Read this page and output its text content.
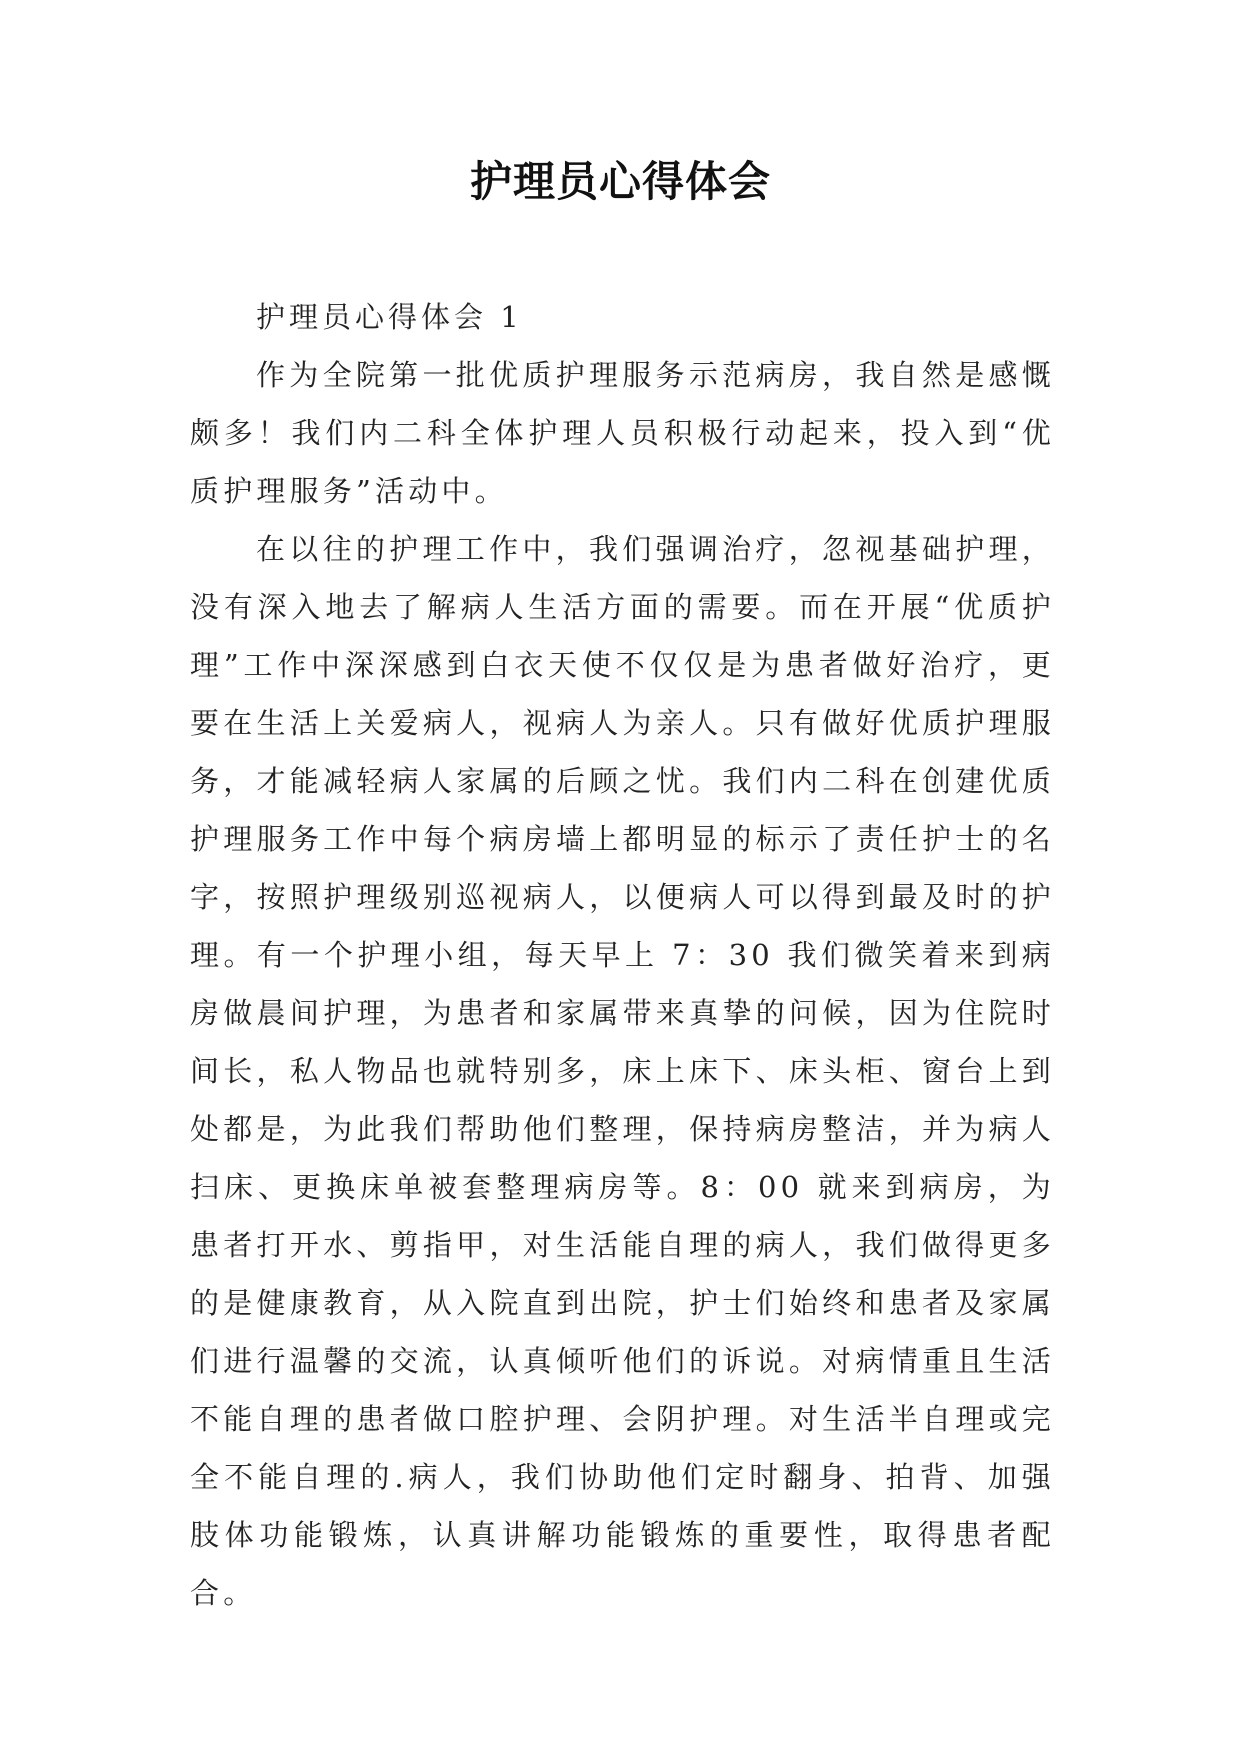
护理员心得体会

护理员心得体会 1

作为全院第一批优质护理服务示范病房，我自然是感慨颇多！我们内二科全体护理人员积极行动起来，投入到“优质护理服务”活动中。

在以往的护理工作中，我们强调治疗，忽视基础护理，没有深入地去了解病人生活方面的需要。而在开展“优质护理”工作中深深感到白衣天使不仅仅是为患者做好治疗，更要在生活上关爱病人，视病人为亲人。只有做好优质护理服务，才能减轻病人家属的后顾之忧。我们内二科在创建优质护理服务工作中每个病房墙上都明显的标示了责任护士的名字，按照护理级别巡视病人，以便病人可以得到最及时的护理。有一个护理小组，每天早上 7：30 我们微笑着来到病房做晨间护理，为患者和家属带来真挚的问候，因为住院时间长，私人物品也就特别多，床上床下、床头柜、窗台上到处都是，为此我们帮助他们整理，保持病房整洁，并为病人扫床、更换床单被套整理病房等。8：00 就来到病房，为患者打开水、剪指甲，对生活能自理的病人，我们做得更多的是健康教育，从入院直到出院，护士们始终和患者及家属们进行温馨的交流，认真倾听他们的诉说。对病情重且生活不能自理的患者做口腔护理、会阴护理。对生活半自理或完全不能自理的.病人，我们协助他们定时翻身、拍背、加强肢体功能锻炼，认真讲解功能锻炼的重要性，取得患者配合。
